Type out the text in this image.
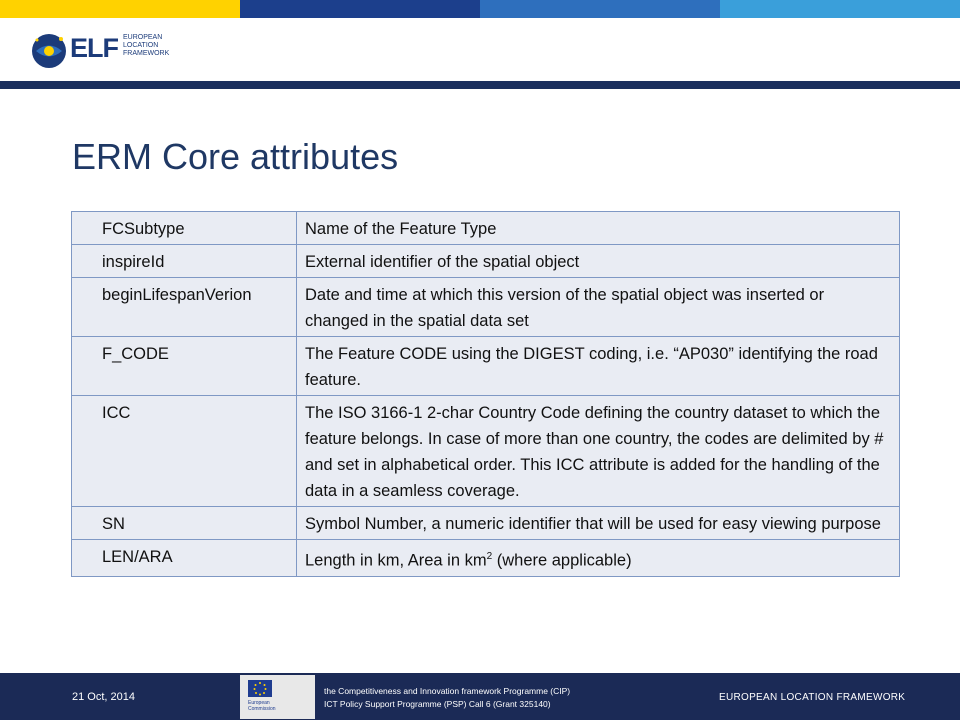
ELF EUROPEAN
LOCATION
FRAMEWORK
ERM Core attributes
FCSubtype	Name of the Feature Type
inspireId	External identifier of the spatial object
beginLifespanVerion	Date and time at which this version of the spatial object was inserted or changed in the spatial data set
F_CODE	The Feature CODE using the DIGEST coding, i.e. “AP030” identifying the road feature.
ICC	The ISO 3166-1 2-char Country Code defining the country dataset to which the feature belongs. In case of more than one country, the codes are delimited by # and set in alphabetical order. This ICC attribute is added for the handling of the data in a seamless coverage.
SN	Symbol Number, a numeric identifier that will be used for easy viewing purpose
LEN/ARA	Length in km, Area in $km^2$ (where applicable)
21 Oct, 2014	European Commission
the Competitiveness and Innovation framework Programme (CIP)
ICT Policy Support Programme (PSP) Call 6 (Grant 325140)
EUROPEAN LOCATION FRAMEWORK
